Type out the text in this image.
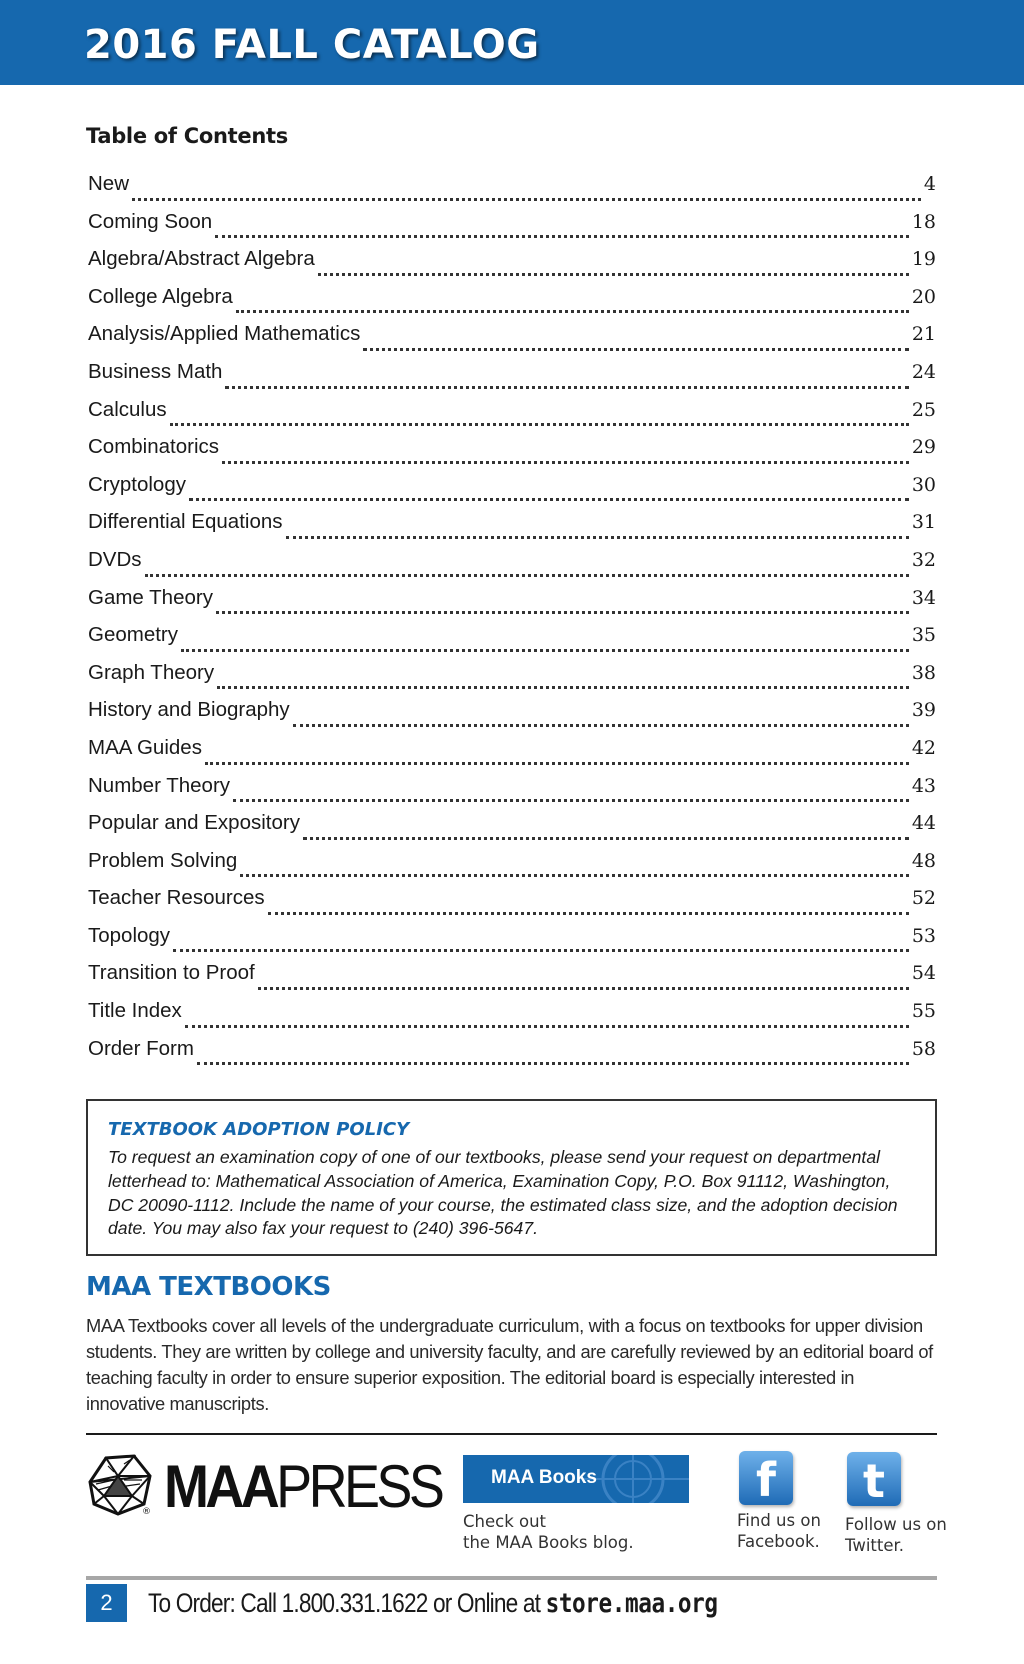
2016 FALL CATALOG
Table of Contents
New	4
Coming Soon	18
Algebra/Abstract Algebra	19
College Algebra	20
Analysis/Applied Mathematics	21
Business Math	24
Calculus	25
Combinatorics	29
Cryptology	30
Differential Equations	31
DVDs	32
Game Theory	34
Geometry	35
Graph Theory	38
History and Biography	39
MAA Guides	42
Number Theory	43
Popular and Expository	44
Problem Solving	48
Teacher Resources	52
Topology	53
Transition to Proof	54
Title Index	55
Order Form	58

TEXTBOOK ADOPTION POLICY

To request an examination copy of one of our textbooks, please send your request on departmental letterhead to: Mathematical Association of America, Examination Copy, P.O. Box 91112, Washington, DC 20090-1112. Include the name of your course, the estimated class size, and the adoption decision date. You may also fax your request to (240) 396-5647.

MAA TEXTBOOKS

MAA Textbooks cover all levels of the undergraduate curriculum, with a focus on textbooks for upper division students. They are written by college and university faculty, and are carefully reviewed by an editorial board of teaching faculty in order to ensure superior exposition. The editorial board is especially interested in innovative manuscripts.

® MAAPRESS	MAA Books
Check out
the MAA Books blog.
f
Find us on
Facebook.
t
Follow us on
Twitter.
2	To Order: Call 1.800.331.1622 or Online at store.maa.org
